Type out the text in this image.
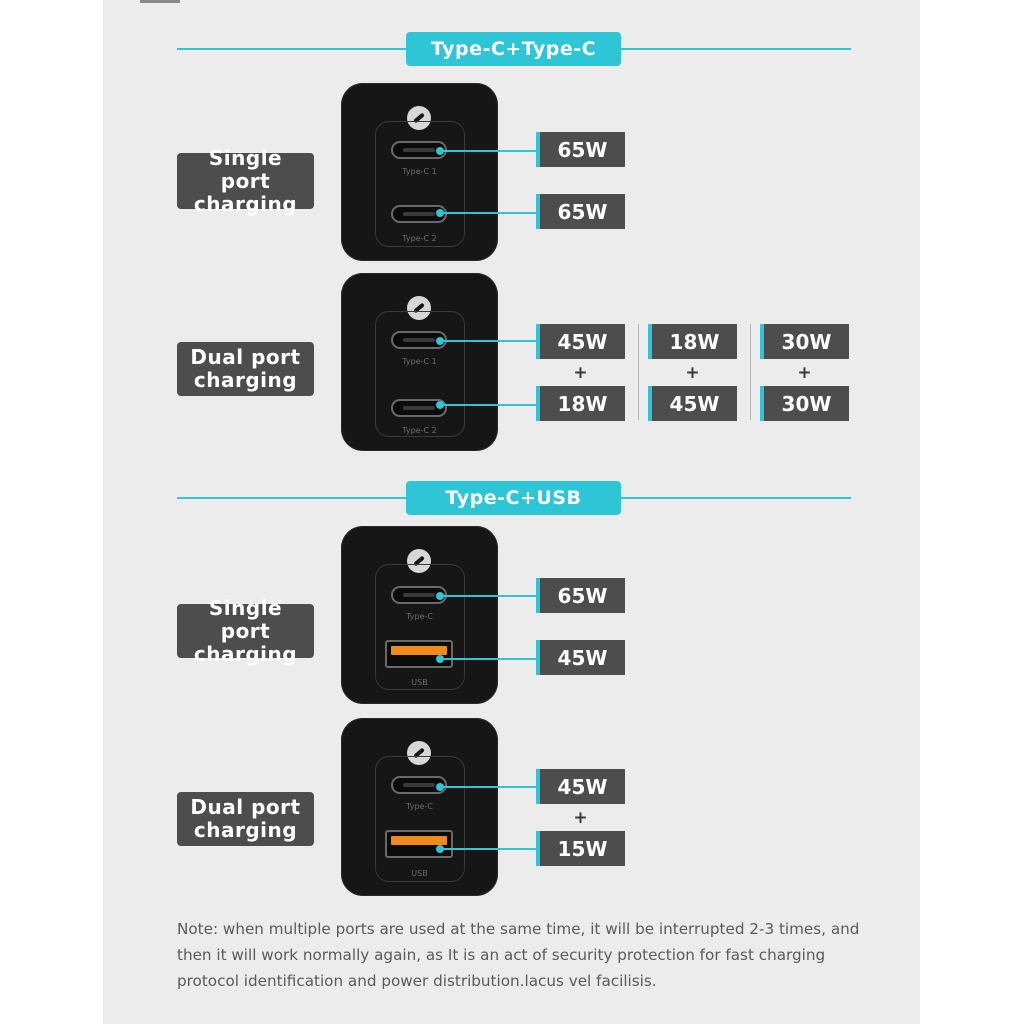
Type-C+Type-C
Single port
charging
Type-C 1
Type-C 2
65W
65W
Dual port
charging
Type-C 1
Type-C 2
45W
+
18W
18W
+
45W
30W
+
30W
Type-C+USB
Single port
charging
Type-C
USB
65W
45W
Dual port
charging
Type-C
USB
45W
+
15W

Note: when multiple ports are used at the same time, it will be interrupted 2-3 times, and then it will work normally again, as It is an act of security protection for fast charging protocol identification and power distribution.lacus vel facilisis.
